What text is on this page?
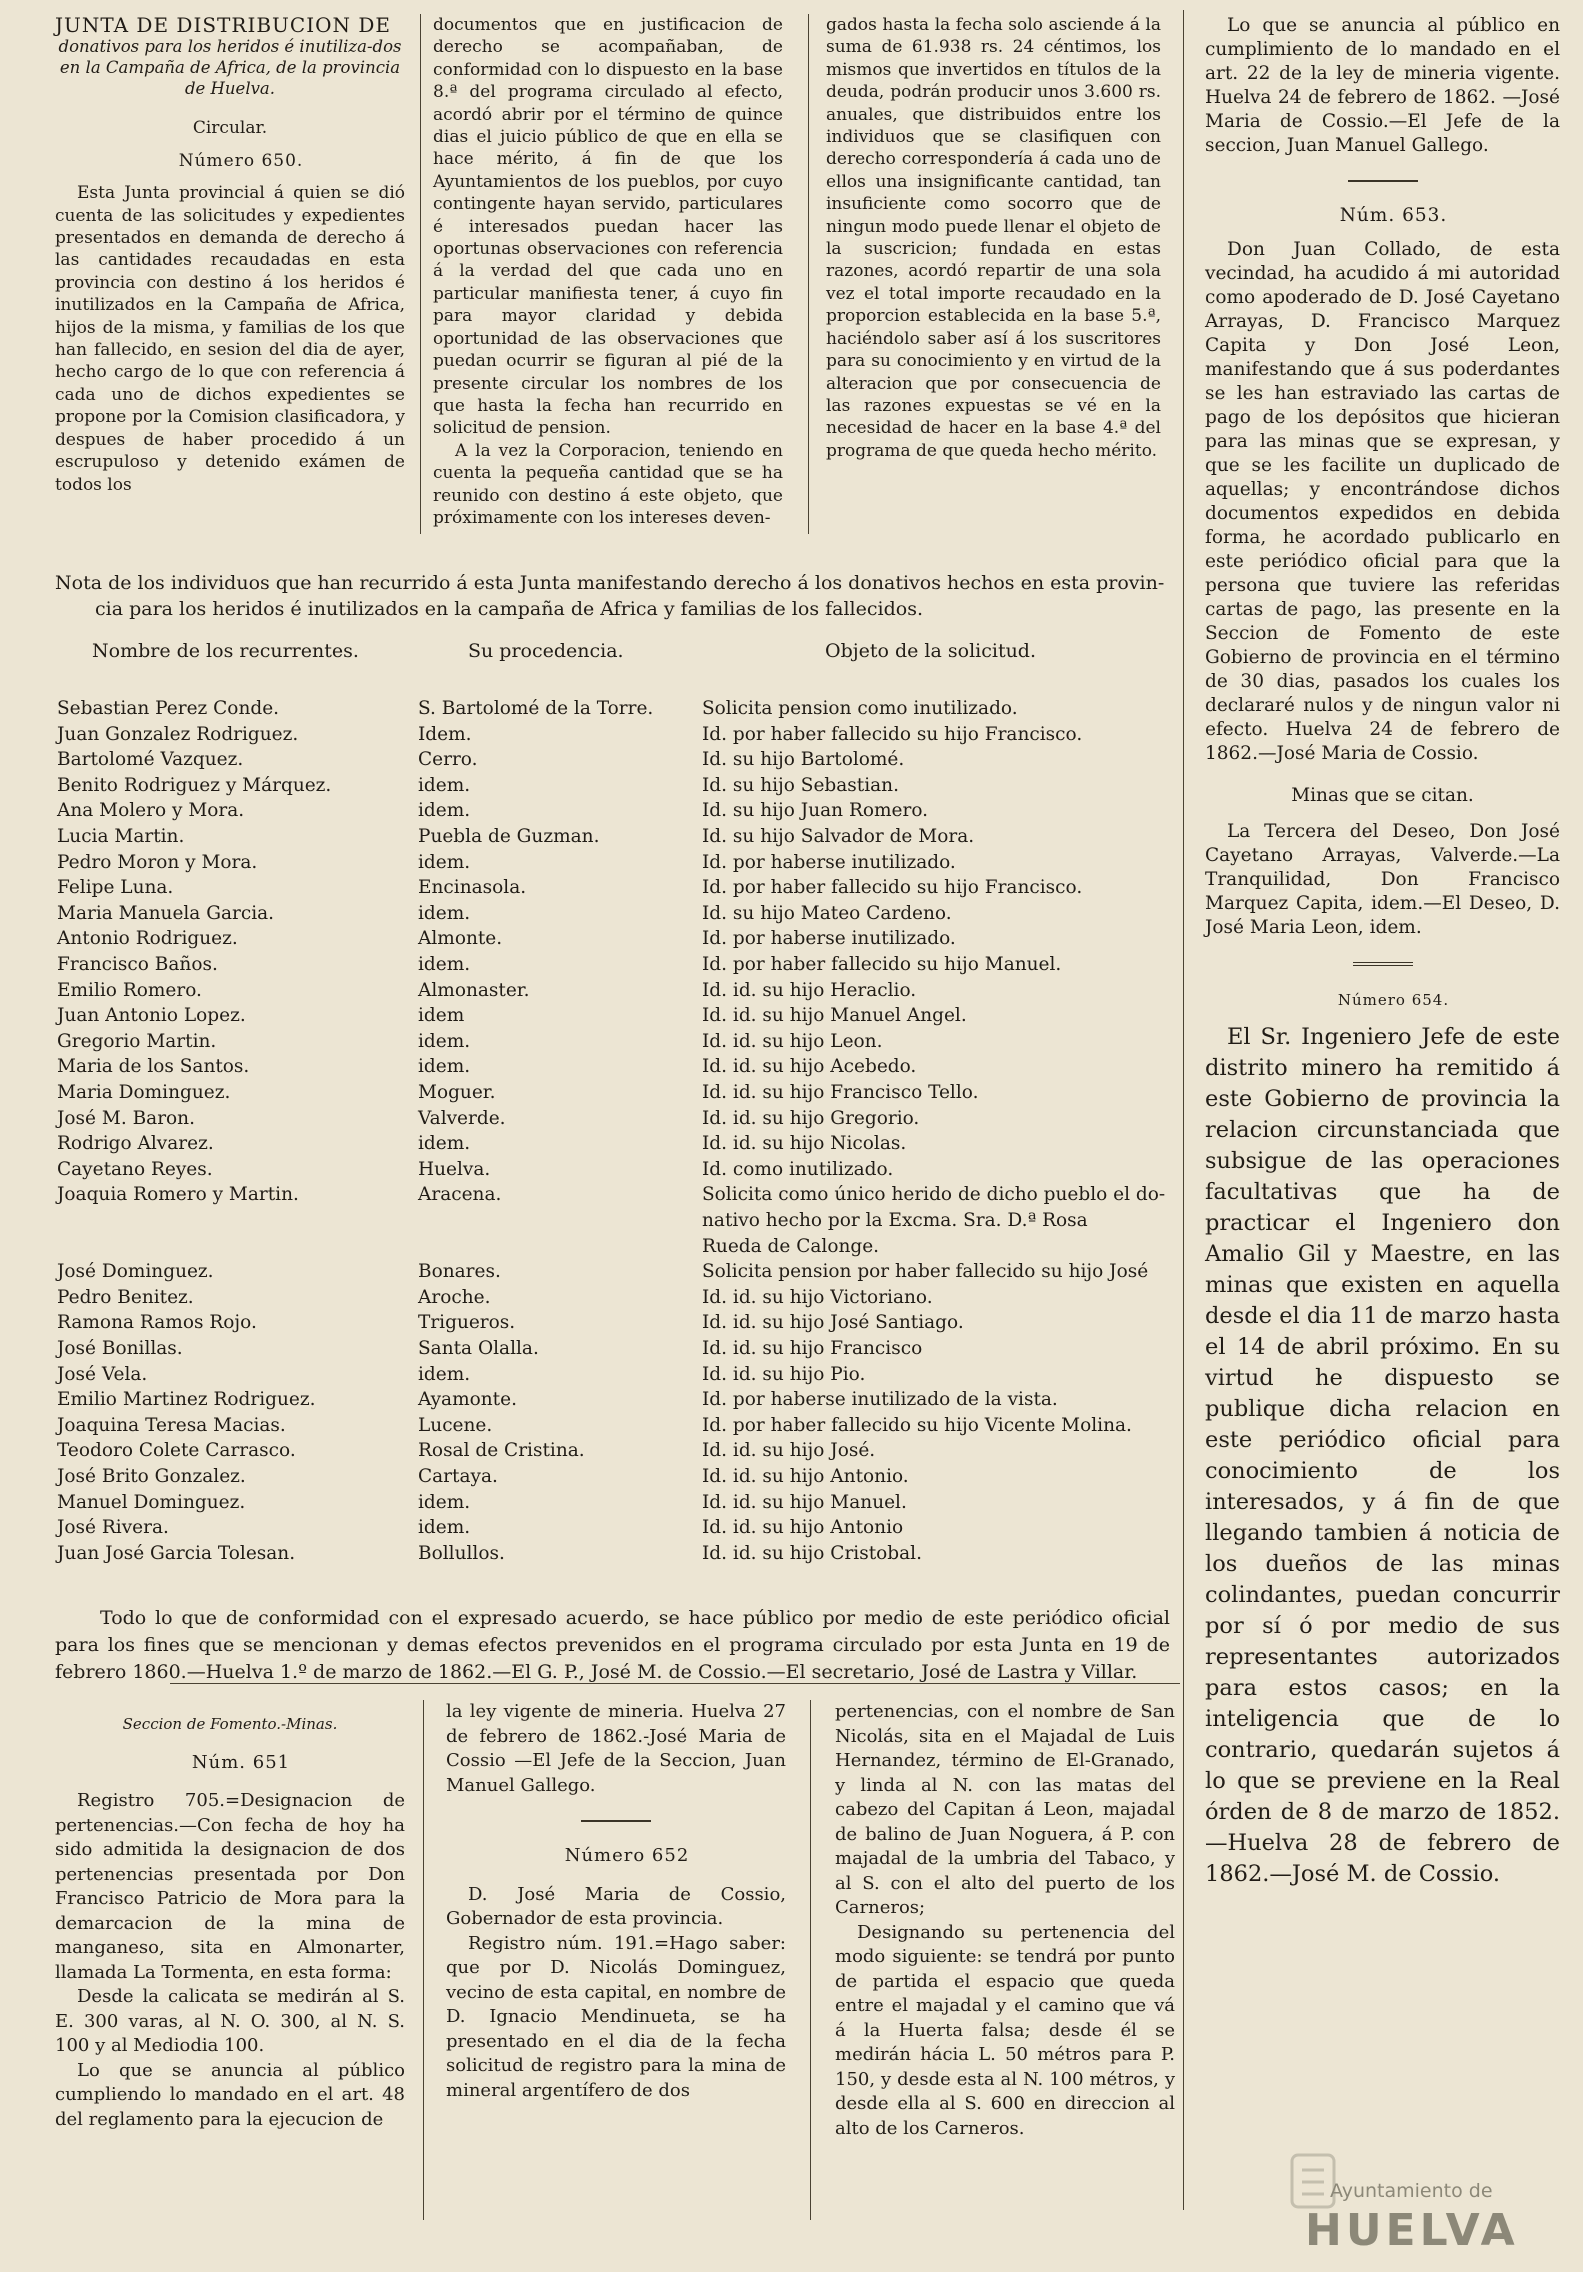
JUNTA DE DISTRIBUCION DE

donativos para los heridos é inutiliza-dos en la Campaña de Africa, de la provincia de Huelva.

Circular.

Número 650.

Esta Junta provincial á quien se dió cuenta de las solicitudes y expedientes presentados en demanda de derecho á las cantidades recaudadas en esta provincia con destino á los heridos é inutilizados en la Campaña de Africa, hijos de la misma, y familias de los que han fallecido, en sesion del dia de ayer, hecho cargo de lo que con referencia á cada uno de dichos expedientes se propone por la Comision clasificadora, y despues de haber procedido á un escrupuloso y detenido exámen de todos los

documentos que en justificacion de derecho se acompañaban, de conformidad con lo dispuesto en la base 8.ª del programa circulado al efecto, acordó abrir por el término de quince dias el juicio público de que en ella se hace mérito, á fin de que los Ayuntamientos de los pueblos, por cuyo contingente hayan servido, particulares é interesados puedan hacer las oportunas observaciones con referencia á la verdad del que cada uno en particular manifiesta tener, á cuyo fin para mayor claridad y debida oportunidad de las observaciones que puedan ocurrir se figuran al pié de la presente circular los nombres de los que hasta la fecha han recurrido en solicitud de pension.

A la vez la Corporacion, teniendo en cuenta la pequeña cantidad que se ha reunido con destino á este objeto, que próximamente con los intereses deven-

gados hasta la fecha solo asciende á la suma de 61.938 rs. 24 céntimos, los mismos que invertidos en títulos de la deuda, podrán producir unos 3.600 rs. anuales, que distribuidos entre los individuos que se clasifiquen con derecho correspondería á cada uno de ellos una insignificante cantidad, tan insuficiente como socorro que de ningun modo puede llenar el objeto de la suscricion; fundada en estas razones, acordó repartir de una sola vez el total importe recaudado en la proporcion establecida en la base 5.ª, haciéndolo saber así á los suscritores para su conocimiento y en virtud de la alteracion que por consecuencia de las razones expuestas se vé en la necesidad de hacer en la base 4.ª del programa de que queda hecho mérito.

Nota de los individuos que han recurrido á esta Junta manifestando derecho á los donativos hechos en esta provin-
cia para los heridos é inutilizados en la campaña de Africa y familias de los fallecidos.
Nombre de los recurrentes.	Su procedencia.	Objeto de la solicitud.
Sebastian Perez Conde.	S. Bartolomé de la Torre.	Solicita pension como inutilizado.
Juan Gonzalez Rodriguez.	Idem.	Id. por haber fallecido su hijo Francisco.
Bartolomé Vazquez.	Cerro.	Id. su hijo Bartolomé.
Benito Rodriguez y Márquez.	idem.	Id. su hijo Sebastian.
Ana Molero y Mora.	idem.	Id. su hijo Juan Romero.
Lucia Martin.	Puebla de Guzman.	Id. su hijo Salvador de Mora.
Pedro Moron y Mora.	idem.	Id. por haberse inutilizado.
Felipe Luna.	Encinasola.	Id. por haber fallecido su hijo Francisco.
Maria Manuela Garcia.	idem.	Id. su hijo Mateo Cardeno.
Antonio Rodriguez.	Almonte.	Id. por haberse inutilizado.
Francisco Baños.	idem.	Id. por haber fallecido su hijo Manuel.
Emilio Romero.	Almonaster.	Id. id. su hijo Heraclio.
Juan Antonio Lopez.	idem	Id. id. su hijo Manuel Angel.
Gregorio Martin.	idem.	Id. id. su hijo Leon.
Maria de los Santos.	idem.	Id. id. su hijo Acebedo.
Maria Dominguez.	Moguer.	Id. id. su hijo Francisco Tello.
José M. Baron.	Valverde.	Id. id. su hijo Gregorio.
Rodrigo Alvarez.	idem.	Id. id. su hijo Nicolas.
Cayetano Reyes.	Huelva.	Id. como inutilizado.
Joaquia Romero y Martin.	Aracena.	Solicita como único herido de dicho pueblo el do-
nativo hecho por la Excma. Sra. D.ª Rosa
Rueda de Calonge.
José Dominguez.	Bonares.	Solicita pension por haber fallecido su hijo José
Pedro Benitez.	Aroche.	Id. id. su hijo Victoriano.
Ramona Ramos Rojo.	Trigueros.	Id. id. su hijo José Santiago.
José Bonillas.	Santa Olalla.	Id. id. su hijo Francisco
José Vela.	idem.	Id. id. su hijo Pio.
Emilio Martinez Rodriguez.	Ayamonte.	Id. por haberse inutilizado de la vista.
Joaquina Teresa Macias.	Lucene.	Id. por haber fallecido su hijo Vicente Molina.
Teodoro Colete Carrasco.	Rosal de Cristina.	Id. id. su hijo José.
José Brito Gonzalez.	Cartaya.	Id. id. su hijo Antonio.
Manuel Dominguez.	idem.	Id. id. su hijo Manuel.
José Rivera.	idem.	Id. id. su hijo Antonio
Juan José Garcia Tolesan.	Bollullos.	Id. id. su hijo Cristobal.

Todo lo que de conformidad con el expresado acuerdo, se hace público por medio de este periódico oficial para los fines que se mencionan y demas efectos prevenidos en el programa circulado por esta Junta en 19 de febrero 1860.—Huelva 1.º de marzo de 1862.—El G. P., José M. de Cossio.—El secretario, José de Lastra y Villar.

Seccion de Fomento.-Minas.

Núm. 651

Registro 705.=Designacion de pertenencias.—Con fecha de hoy ha sido admitida la designacion de dos pertenencias presentada por Don Francisco Patricio de Mora para la demarcacion de la mina de manganeso, sita en Almonarter, llamada La Tormenta, en esta forma:

Desde la calicata se medirán al S. E. 300 varas, al N. O. 300, al N. S. 100 y al Mediodia 100.

Lo que se anuncia al público cumpliendo lo mandado en el art. 48 del reglamento para la ejecucion de

la ley vigente de mineria. Huelva 27 de febrero de 1862.-José Maria de Cossio —El Jefe de la Seccion, Juan Manuel Gallego.

Número 652

D. José Maria de Cossio, Gobernador de esta provincia.

Registro núm. 191.=Hago saber: que por D. Nicolás Dominguez, vecino de esta capital, en nombre de D. Ignacio Mendinueta, se ha presentado en el dia de la fecha solicitud de registro para la mina de mineral argentífero de dos

pertenencias, con el nombre de San Nicolás, sita en el Majadal de Luis Hernandez, término de El-Granado, y linda al N. con las matas del cabezo del Capitan á Leon, majadal de balino de Juan Noguera, á P. con majadal de la umbria del Tabaco, y al S. con el alto del puerto de los Carneros;

Designando su pertenencia del modo siguiente: se tendrá por punto de partida el espacio que queda entre el majadal y el camino que vá á la Huerta falsa; desde él se medirán hácia L. 50 métros para P. 150, y desde esta al N. 100 métros, y desde ella al S. 600 en direccion al alto de los Carneros.

Lo que se anuncia al público en cumplimiento de lo mandado en el art. 22 de la ley de mineria vigente. Huelva 24 de febrero de 1862. —José Maria de Cossio.—El Jefe de la seccion, Juan Manuel Gallego.

Núm. 653.

Don Juan Collado, de esta vecindad, ha acudido á mi autoridad como apoderado de D. José Cayetano Arrayas, D. Francisco Marquez Capita y Don José Leon, manifestando que á sus poderdantes se les han estraviado las cartas de pago de los depósitos que hicieran para las minas que se expresan, y que se les facilite un duplicado de aquellas; y encontrándose dichos documentos expedidos en debida forma, he acordado publicarlo en este periódico oficial para que la persona que tuviere las referidas cartas de pago, las presente en la Seccion de Fomento de este Gobierno de provincia en el término de 30 dias, pasados los cuales los declararé nulos y de ningun valor ni efecto. Huelva 24 de febrero de 1862.—José Maria de Cossio.

Minas que se citan.

La Tercera del Deseo, Don José Cayetano Arrayas, Valverde.—La Tranquilidad, Don Francisco Marquez Capita, idem.—El Deseo, D. José Maria Leon, idem.

Número 654.

El Sr. Ingeniero Jefe de este distrito minero ha remitido á este Gobierno de provincia la relacion circunstanciada que subsigue de las operaciones facultativas que ha de practicar el Ingeniero don Amalio Gil y Maestre, en las minas que existen en aquella desde el dia 11 de marzo hasta el 14 de abril próximo. En su virtud he dispuesto se publique dicha relacion en este periódico oficial para conocimiento de los interesados, y á fin de que llegando tambien á noticia de los dueños de las minas colindantes, puedan concurrir por sí ó por medio de sus representantes autorizados para estos casos; en la inteligencia que de lo contrario, quedarán sujetos á lo que se previene en la Real órden de 8 de marzo de 1852.—Huelva 28 de febrero de 1862.—José M. de Cossio.

Ayuntamiento de
HUELVA
